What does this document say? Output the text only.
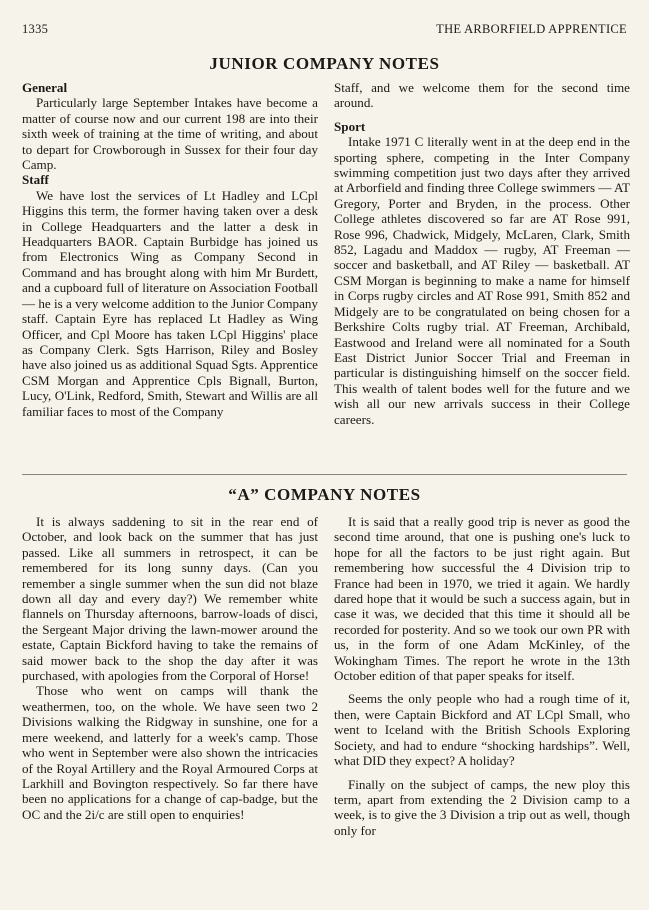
1335	THE ARBORFIELD APPRENTICE
JUNIOR COMPANY NOTES
General

Particularly large September Intakes have become a matter of course now and our current 198 are into their sixth week of training at the time of writing, and about to depart for Crowborough in Sussex for their four day Camp.

Staff

We have lost the services of Lt Hadley and LCpl Higgins this term, the former having taken over a desk in College Headquarters and the latter a desk in Headquarters BAOR. Captain Burbidge has joined us from Electronics Wing as Company Second in Command and has brought along with him Mr Burdett, and a cupboard full of literature on Association Football — he is a very welcome addition to the Junior Company staff. Captain Eyre has replaced Lt Hadley as Wing Officer, and Cpl Moore has taken LCpl Higgins' place as Company Clerk. Sgts Harrison, Riley and Bosley have also joined us as additional Squad Sgts. Apprentice CSM Morgan and Apprentice Cpls Bignall, Burton, Lucy, O'Link, Redford, Smith, Stewart and Willis are all familiar faces to most of the Company

Staff, and we welcome them for the second time around.

Sport

Intake 1971 C literally went in at the deep end in the sporting sphere, competing in the Inter Company swimming competition just two days after they arrived at Arborfield and finding three College swimmers — AT Gregory, Porter and Bryden, in the process. Other College athletes discovered so far are AT Rose 991, Rose 996, Chadwick, Midgely, McLaren, Clark, Smith 852, Lagadu and Maddox — rugby, AT Freeman — soccer and basketball, and AT Riley — basketball. AT CSM Morgan is beginning to make a name for himself in Corps rugby circles and AT Rose 991, Smith 852 and Midgely are to be congratulated on being chosen for a Berkshire Colts rugby trial. AT Freeman, Archibald, Eastwood and Ireland were all nominated for a South East District Junior Soccer Trial and Freeman in particular is distinguishing himself on the soccer field. This wealth of talent bodes well for the future and we wish all our new arrivals success in their College careers.

“A” COMPANY NOTES

It is always saddening to sit in the rear end of October, and look back on the summer that has just passed. Like all summers in retrospect, it can be remembered for its long sunny days. (Can you remember a single summer when the sun did not blaze down all day and every day?) We remember white flannels on Thursday afternoons, barrow-loads of disci, the Sergeant Major driving the lawn-mower around the estate, Captain Bickford having to take the remains of said mower back to the shop the day after it was purchased, with apologies from the Corporal of Horse!

Those who went on camps will thank the weathermen, too, on the whole. We have seen two 2 Divisions walking the Ridgway in sunshine, one for a mere weekend, and latterly for a week's camp. Those who went in September were also shown the intricacies of the Royal Artillery and the Royal Armoured Corps at Larkhill and Bovington respectively. So far there have been no applications for a change of cap-badge, but the OC and the 2i/c are still open to enquiries!

It is said that a really good trip is never as good the second time around, that one is pushing one's luck to hope for all the factors to be just right again. But remembering how successful the 4 Division trip to France had been in 1970, we tried it again. We hardly dared hope that it would be such a success again, but in case it was, we decided that this time it should all be recorded for posterity. And so we took our own PR with us, in the form of one Adam McKinley, of the Wokingham Times. The report he wrote in the 13th October edition of that paper speaks for itself.

Seems the only people who had a rough time of it, then, were Captain Bickford and AT LCpl Small, who went to Iceland with the British Schools Exploring Society, and had to endure “shocking hardships”. Well, what DID they expect? A holiday?

Finally on the subject of camps, the new ploy this term, apart from extending the 2 Division camp to a week, is to give the 3 Division a trip out as well, though only for
